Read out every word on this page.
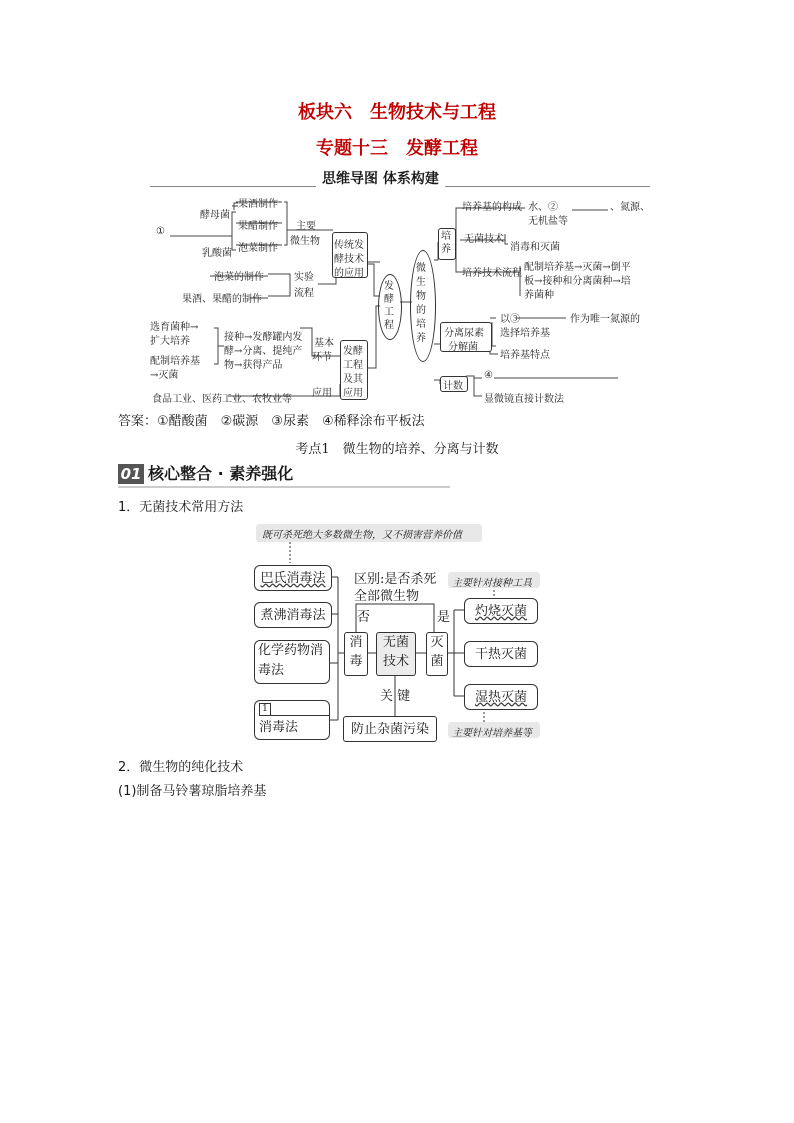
板块六　生物技术与工程
专题十三　发酵工程
思维导图 体系构建
①
酵母菌
乳酸菌
果酒制作
果醋制作
泡菜制作
主要
微生物 传统发
酵技术
的应用
泡菜的制作
果酒、果醋的制作
实验
流程
选育菌种→
扩大培养
配制培养基
→灭菌
接种→发酵罐内发
酵→分离、提纯产
物→获得产品
基本
环节
发酵
工程
及其
应用
食品工业、医药工业、农牧业等
应用
发
酵
工
程
微
生
物
的
培
养
培
养
培养基的构成 水、②	、氮源、
无机盐等
无菌技术
消毒和灭菌
培养技术流程
配制培养基→灭菌→倒平
板→接种和分离菌种→培
养菌种
分离尿素
分解菌
以③	作为唯一氮源的
选择培养基
培养基特点
计数
④
显微镜直接计数法
答案：①醋酸菌　②碳源　③尿素　④稀释涂布平板法
考点1　微生物的培养、分离与计数
01 核心整合 · 素养强化
1．无菌技术常用方法
既可杀死绝大多数微生物，又不损害营养价值
巴氏消毒法
煮沸消毒法
化学药物消
毒法
1
消毒法
区别:是否杀死
全部微生物
否	是
消
毒
无菌
技术
灭
菌
关 键
防止杂菌污染
主要针对接种工具
灼烧灭菌
干热灭菌
湿热灭菌
主要针对培养基等
2．微生物的纯化技术
(1)制备马铃薯琼脂培养基
